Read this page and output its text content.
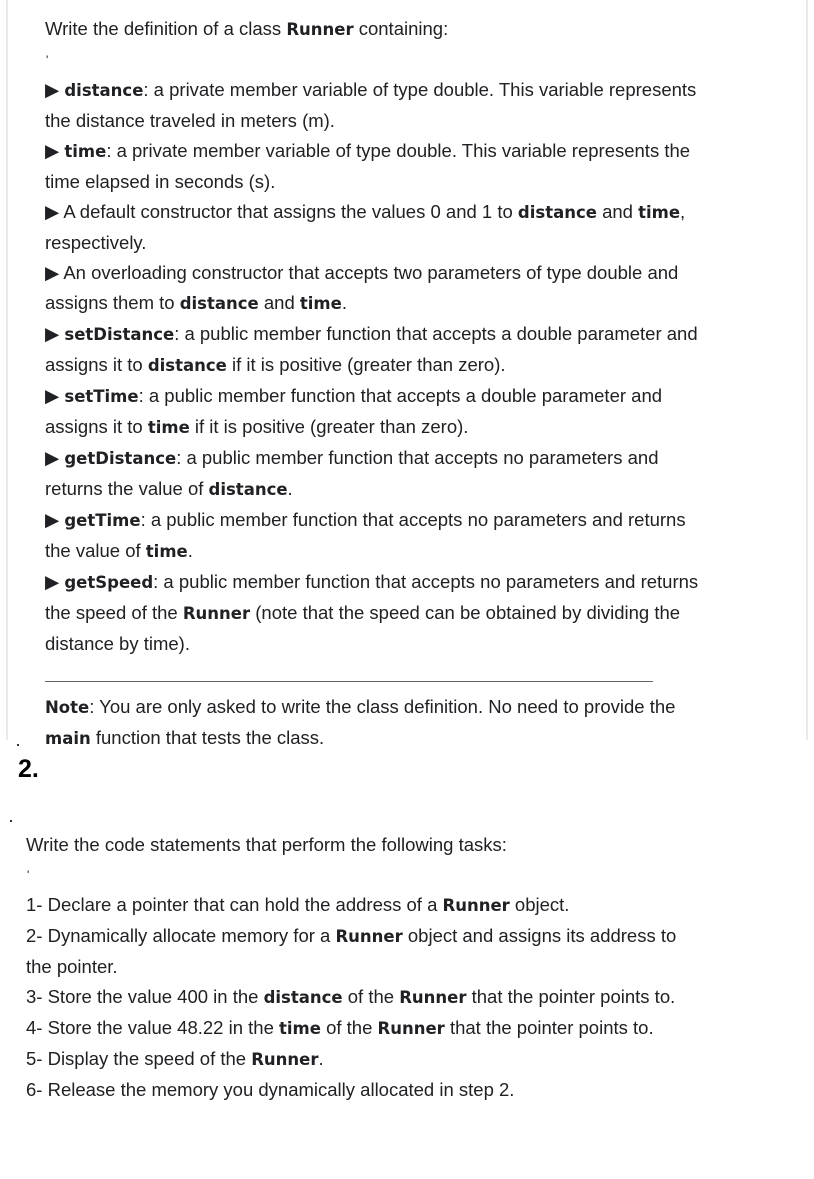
Write the definition of a class Runner containing:
'
▶ distance: a private member variable of type double. This variable represents
the distance traveled in meters (m).
▶ time: a private member variable of type double. This variable represents the
time elapsed in seconds (s).
▶ A default constructor that assigns the values 0 and 1 to distance and time,
respectively.
▶ An overloading constructor that accepts two parameters of type double and
assigns them to distance and time.
▶ setDistance: a public member function that accepts a double parameter and
assigns it to distance if it is positive (greater than zero).
▶ setTime: a public member function that accepts a double parameter and
assigns it to time if it is positive (greater than zero).
▶ getDistance: a public member function that accepts no parameters and
returns the value of distance.
▶ getTime: a public member function that accepts no parameters and returns
the value of time.
▶ getSpeed: a public member function that accepts no parameters and returns
the speed of the Runner (note that the speed can be obtained by dividing the
distance by time).
Note: You are only asked to write the class definition. No need to provide the
main function that tests the class.
2.
Write the code statements that perform the following tasks:
'
1- Declare a pointer that can hold the address of a Runner object.
2- Dynamically allocate memory for a Runner object and assigns its address to
the pointer.
3- Store the value 400 in the distance of the Runner that the pointer points to.
4- Store the value 48.22 in the time of the Runner that the pointer points to.
5- Display the speed of the Runner.
6- Release the memory you dynamically allocated in step 2.
